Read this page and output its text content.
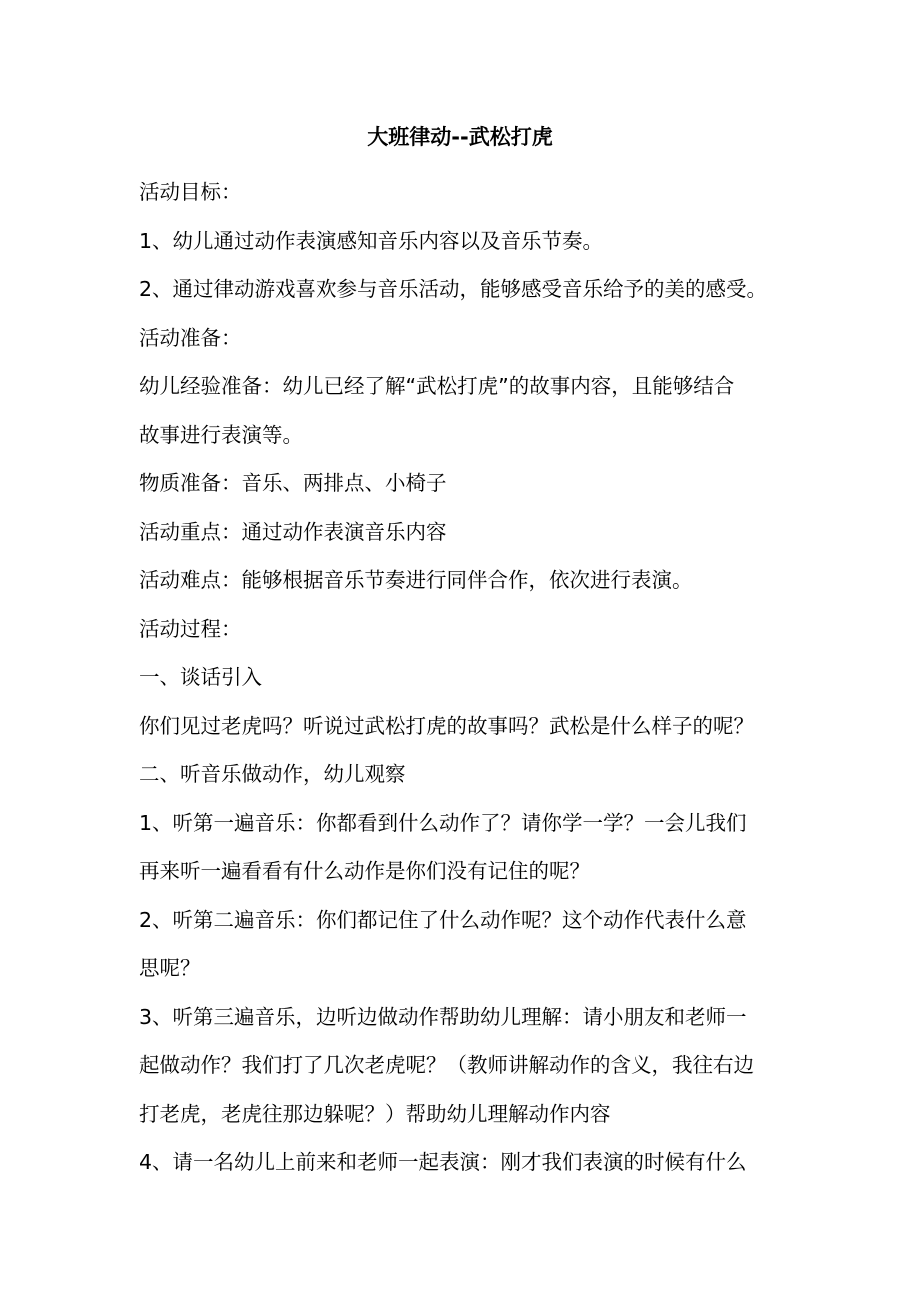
大班律动--武松打虎
活动目标：
1、幼儿通过动作表演感知音乐内容以及音乐节奏。
2、通过律动游戏喜欢参与音乐活动，能够感受音乐给予的美的感受。
活动准备：
幼儿经验准备：幼儿已经了解“武松打虎”的故事内容，且能够结合
故事进行表演等。
物质准备：音乐、两排点、小椅子
活动重点：通过动作表演音乐内容
活动难点：能够根据音乐节奏进行同伴合作，依次进行表演。
活动过程：
一、谈话引入
你们见过老虎吗？听说过武松打虎的故事吗？武松是什么样子的呢？
二、听音乐做动作，幼儿观察
1、听第一遍音乐：你都看到什么动作了？请你学一学？一会儿我们
再来听一遍看看有什么动作是你们没有记住的呢？
2、听第二遍音乐：你们都记住了什么动作呢？这个动作代表什么意
思呢？
3、听第三遍音乐，边听边做动作帮助幼儿理解：请小朋友和老师一
起做动作？我们打了几次老虎呢？（教师讲解动作的含义，我往右边
打老虎，老虎往那边躲呢？）帮助幼儿理解动作内容
4、请一名幼儿上前来和老师一起表演：刚才我们表演的时候有什么
